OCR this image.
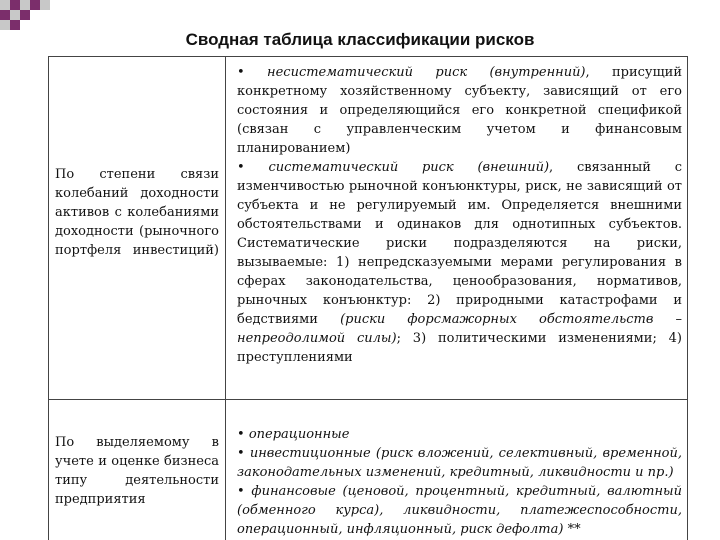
Сводная таблица классификации рисков
По степени связи колебаний доходности активов с колебаниями доходности (рыночного портфеля инвестиций)

• несистематический риск (внутренний), присущий конкретному хозяйственному субъекту, зависящий от его состояния и определяющийся его конкретной спецификой (связан с управленческим учетом и финансовым планированием)

• систематический риск (внешний), связанный с изменчивостью рыночной конъюнктуры, риск, не зависящий от субъекта и не регулируемый им. Определяется внешними обстоятельствами и одинаков для однотипных субъектов. Систематические риски подразделяются на риски, вызываемые: 1) непредсказуемыми мерами регулирования в сферах законодательства, ценообразования, нормативов, рыночных конъюнктур: 2) природными катастрофами и бедствиями (риски форсмажорных обстоятельств – непреодолимой силы); 3) политическими изменениями; 4) преступлениями

По выделяемому в учете и оценке бизнеса типу деятельности предприятия

• операционные

• инвестиционные (риск вложений, селективный, временной, законодательных изменений, кредитный, ликвидности и пр.)

• финансовые (ценовой, процентный, кредитный, валютный (обменного курса), ликвидности, платежеспособности, операционный, инфляционный, риск дефолта) **
